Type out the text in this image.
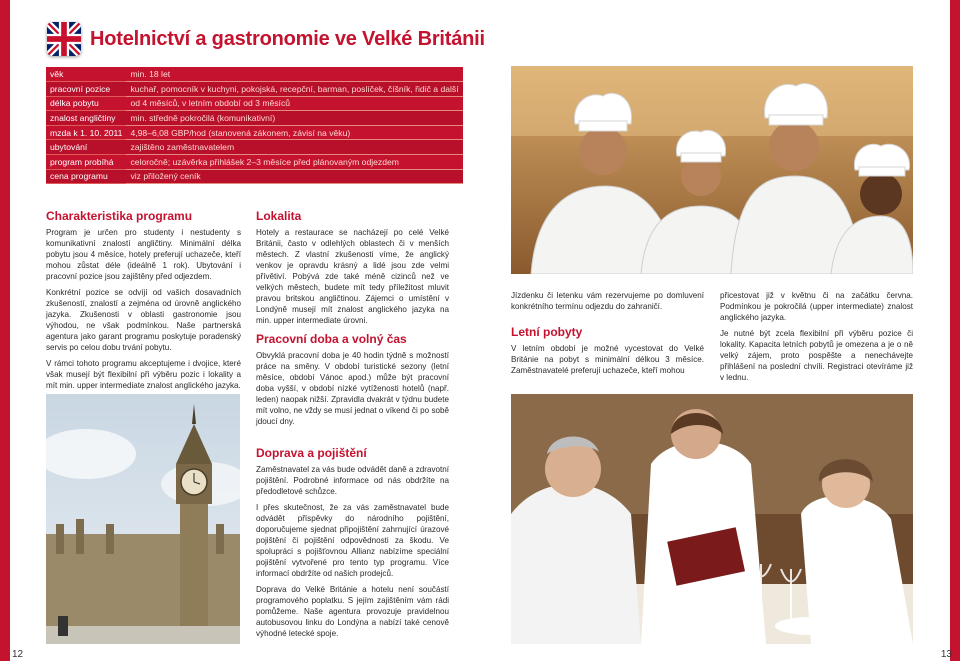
Hotelnictví a gastronomie ve Velké Británii
věk	min. 18 let
pracovní pozice	kuchař, pomocník v kuchyni, pokojská, recepční, barman, poslíček, číšník, řidič a další
délka pobytu	od 4 měsíců, v letním období od 3 měsíců
znalost angličtiny	min. středně pokročilá (komunikativní)
mzda k 1. 10. 2011	4,98–6,08 GBP/hod (stanovená zákonem, závisí na věku)
ubytování	zajištěno zaměstnavatelem
program probíhá	celoročně; uzávěrka přihlášek 2–3 měsíce před plánovaným odjezdem
cena programu	viz přiložený ceník
Charakteristika programu

Program je určen pro studenty i nestudenty s komunikativní znalostí angličtiny. Minimální délka pobytu jsou 4 měsíce, hotely preferují uchazeče, kteří mohou zůstat déle (ideálně 1 rok). Ubytování i pracovní pozice jsou zajištěny před odjezdem.

Konkrétní pozice se odvíjí od vašich dosavadních zkušeností, znalostí a zejména od úrovně anglického jazyka. Zkušenosti v oblasti gastronomie jsou výhodou, ne však podmínkou. Naše partnerská agentura jako garant programu poskytuje poradenský servis po celou dobu trvání pobytu.

V rámci tohoto programu akceptujeme i dvojice, které však musejí být flexibilní při výběru pozic i lokality a mít min. upper intermediate znalost anglického jazyka.

Lokalita

Hotely a restaurace se nacházejí po celé Velké Británii, často v odlehlých oblastech či v menších městech. Z vlastní zkušenosti víme, že anglický venkov je opravdu krásný a lidé jsou zde velmi přívětiví. Pobývá zde také méně cizinců než ve velkých městech, budete mít tedy příležitost mluvit pravou britskou angličtinou. Zájemci o umístění v Londýně musejí mít znalost anglického jazyka na min. upper intermediate úrovni.

Pracovní doba a volný čas

Obvyklá pracovní doba je 40 hodin týdně s možností práce na směny. V období turistické sezony (letní měsíce, období Vánoc apod.) může být pracovní doba vyšší, v období nízké vytíženosti hotelů (např. leden) naopak nižší. Zpravidla dvakrát v týdnu budete mít volno, ne vždy se musí jednat o víkend či po sobě jdoucí dny.

Doprava a pojištění

Zaměstnavatel za vás bude odvádět daně a zdravotní pojištění. Podrobné informace od nás obdržíte na předodletové schůzce.

I přes skutečnost, že za vás zaměstnavatel bude odvádět příspěvky do národního pojištění, doporučujeme sjednat připojištění zahrnující úrazové pojištění či pojištění odpovědnosti za škodu. Ve spolupráci s pojišťovnou Allianz nabízíme speciální pojištění vytvořené pro tento typ programu. Více informací obdržíte od našich prodejců.

Doprava do Velké Británie a hotelu není součástí programového poplatku. S jejím zajištěním vám rádi pomůžeme. Naše agentura provozuje pravidelnou autobusovou linku do Londýna a nabízí také cenově výhodné letecké spoje.

Jízdenku či letenku vám rezervujeme po domluvení konkrétního termínu odjezdu do zahraničí.

Letní pobyty

V letním období je možné vycestovat do Velké Británie na pobyt s minimální délkou 3 měsíce. Zaměstnavatelé preferují uchazeče, kteří mohou

přicestovat již v květnu či na začátku června. Podmínkou je pokročilá (upper intermediate) znalost anglického jazyka.

Je nutné být zcela flexibilní při výběru pozice či lokality. Kapacita letních pobytů je omezena a je o ně velký zájem, proto pospěšte a nenechávejte přihlášení na poslední chvíli. Registraci otevíráme již v lednu.

12	13
